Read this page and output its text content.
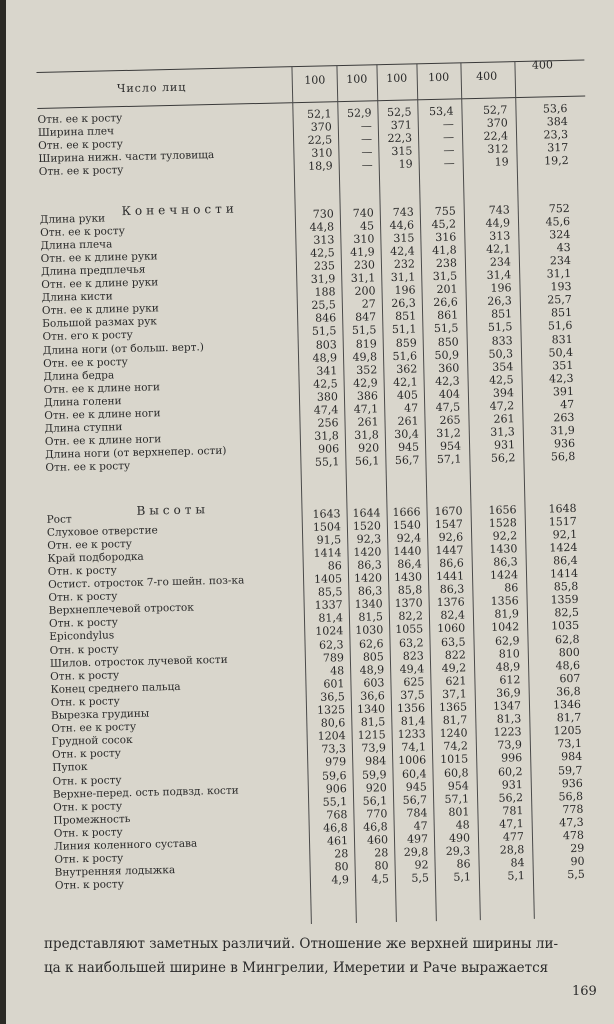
Число лиц
100	100	100	100	400
400
Конечности
Высоты
Отн. ее к росту	52,1	52,9	52,5	53,4	52,7	53,6
Ширина плеч	370	—	371	—	370	384
Отн. ее к росту	22,5	—	22,3	—	22,4	23,3
Ширина нижн. части туловища	310	—	315	—	312	317
Отн. ее к росту	18,9	—	19	—	19	19,2
Длина руки	730	740	743	755	743	752
Отн. ее к росту	44,8	45	44,6	45,2	44,9	45,6
Длина плеча	313	310	315	316	313	324
Отн. ее к длине руки	42,5	41,9	42,4	41,8	42,1	43
Длина предплечья	235	230	232	238	234	234
Отн. ее к длине руки	31,9	31,1	31,1	31,5	31,4	31,1
Длина кисти	188	200	196	201	196	193
Отн. ее к длине руки	25,5	27	26,3	26,6	26,3	25,7
Большой размах рук	846	847	851	861	851	851
Отн. его к росту	51,5	51,5	51,1	51,5	51,5	51,6
Длина ноги (от больш. верт.)	803	819	859	850	833	831
Отн. ее к росту	48,9	49,8	51,6	50,9	50,3	50,4
Длина бедра	341	352	362	360	354	351
Отн. ее к длине ноги	42,5	42,9	42,1	42,3	42,5	42,3
Длина голени	380	386	405	404	394	391
Отн. ее к длине ноги	47,4	47,1	47	47,5	47,2	47
Длина ступни	256	261	261	265	261	263
Отн. ее к длине ноги	31,8	31,8	30,4	31,2	31,3	31,9
Длина ноги (от верхнепер. ости)	906	920	945	954	931	936
Отн. ее к росту	55,1	56,1	56,7	57,1	56,2	56,8
Рост	1643	1644	1666	1670	1656	1648
Слуховое отверстие	1504	1520	1540	1547	1528	1517
Отн. ее к росту	91,5	92,3	92,4	92,6	92,2	92,1
Край подбородка	1414	1420	1440	1447	1430	1424
Отн. к росту	86	86,3	86,4	86,6	86,3	86,4
Остист. отросток 7-го шейн. поз-ка	1405	1420	1430	1441	1424	1414
Отн. к росту	85,5	86,3	85,8	86,3	86	85,8
Верхнеплечевой отросток	1337	1340	1370	1376	1356	1359
Отн. к росту	81,4	81,5	82,2	82,4	81,9	82,5
Epicondylus	1024	1030	1055	1060	1042	1035
Отн. к росту	62,3	62,6	63,2	63,5	62,9	62,8
Шилов. отросток лучевой кости	789	805	823	822	810	800
Отн. к росту	48	48,9	49,4	49,2	48,9	48,6
Конец среднего пальца	601	603	625	621	612	607
Отн. к росту	36,5	36,6	37,5	37,1	36,9	36,8
Вырезка грудины	1325	1340	1356	1365	1347	1346
Отн. ее к росту	80,6	81,5	81,4	81,7	81,3	81,7
Грудной сосок	1204	1215	1233	1240	1223	1205
Отн. к росту	73,3	73,9	74,1	74,2	73,9	73,1
Пупок	979	984	1006	1015	996	984
Отн. к росту	59,6	59,9	60,4	60,8	60,2	59,7
Верхне-перед. ость подвзд. кости	906	920	945	954	931	936
Отн. к росту	55,1	56,1	56,7	57,1	56,2	56,8
Промежность	768	770	784	801	781	778
Отн. к росту	46,8	46,8	47	48	47,1	47,3
Линия коленного сустава	461	460	497	490	477	478
Отн. к росту	28	28	29,8	29,3	28,8	29
Внутренняя лодыжка	80	80	92	86	84	90
Отн. к росту	4,9	4,5	5,5	5,1	5,1	5,5
представляют заметных различий. Отношение же верхней ширины ли-
ца к наибольшей ширине в Мингрелии, Имеретии и Раче выражается
169
